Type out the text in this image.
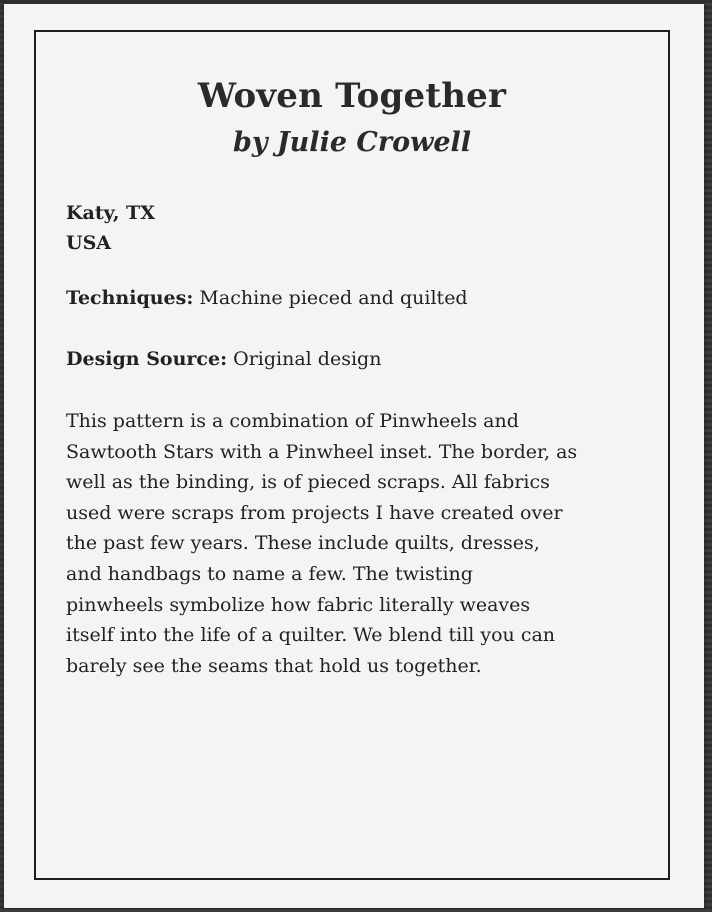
Woven Together
by Julie Crowell
Katy, TX
USA
Techniques: Machine pieced and quilted
Design Source: Original design
This pattern is a combination of Pinwheels and
Sawtooth Stars with a Pinwheel inset. The border, as
well as the binding, is of pieced scraps. All fabrics
used were scraps from projects I have created over
the past few years. These include quilts, dresses,
and handbags to name a few. The twisting
pinwheels symbolize how fabric literally weaves
itself into the life of a quilter. We blend till you can
barely see the seams that hold us together.
